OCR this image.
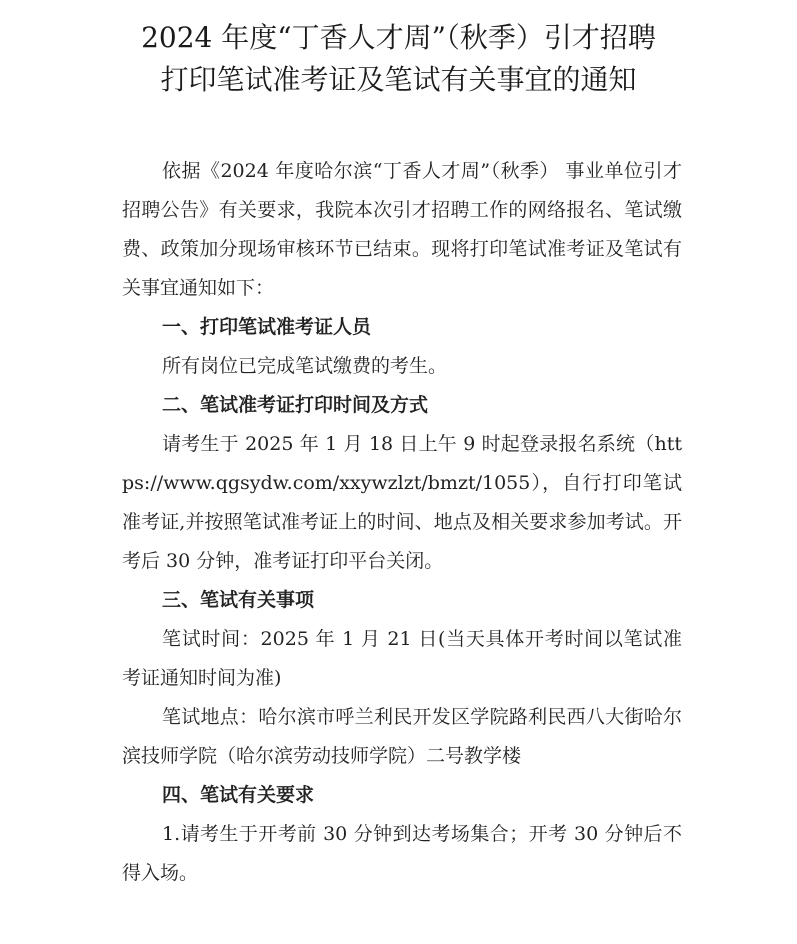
2024 年度“丁香人才周”（秋季）引才招聘
打印笔试准考证及笔试有关事宜的通知

依据《2024 年度哈尔滨“丁香人才周”（秋季） 事业单位引才招聘公告》有关要求，我院本次引才招聘工作的网络报名、笔试缴费、政策加分现场审核环节已结束。现将打印笔试准考证及笔试有关事宜通知如下：

一、打印笔试准考证人员

所有岗位已完成笔试缴费的考生。

二、笔试准考证打印时间及方式

请考生于 2025 年 1 月 18 日上午 9 时起登录报名系统（https://www.qgsydw.com/xxywzlzt/bmzt/1055），自行打印笔试准考证,并按照笔试准考证上的时间、地点及相关要求参加考试。开考后 30 分钟，准考证打印平台关闭。

三、笔试有关事项

笔试时间：2025 年 1 月 21 日(当天具体开考时间以笔试准考证通知时间为准)

笔试地点：哈尔滨市呼兰利民开发区学院路利民西八大街哈尔滨技师学院（哈尔滨劳动技师学院）二号教学楼

四、笔试有关要求

1.请考生于开考前 30 分钟到达考场集合；开考 30 分钟后不得入场。
